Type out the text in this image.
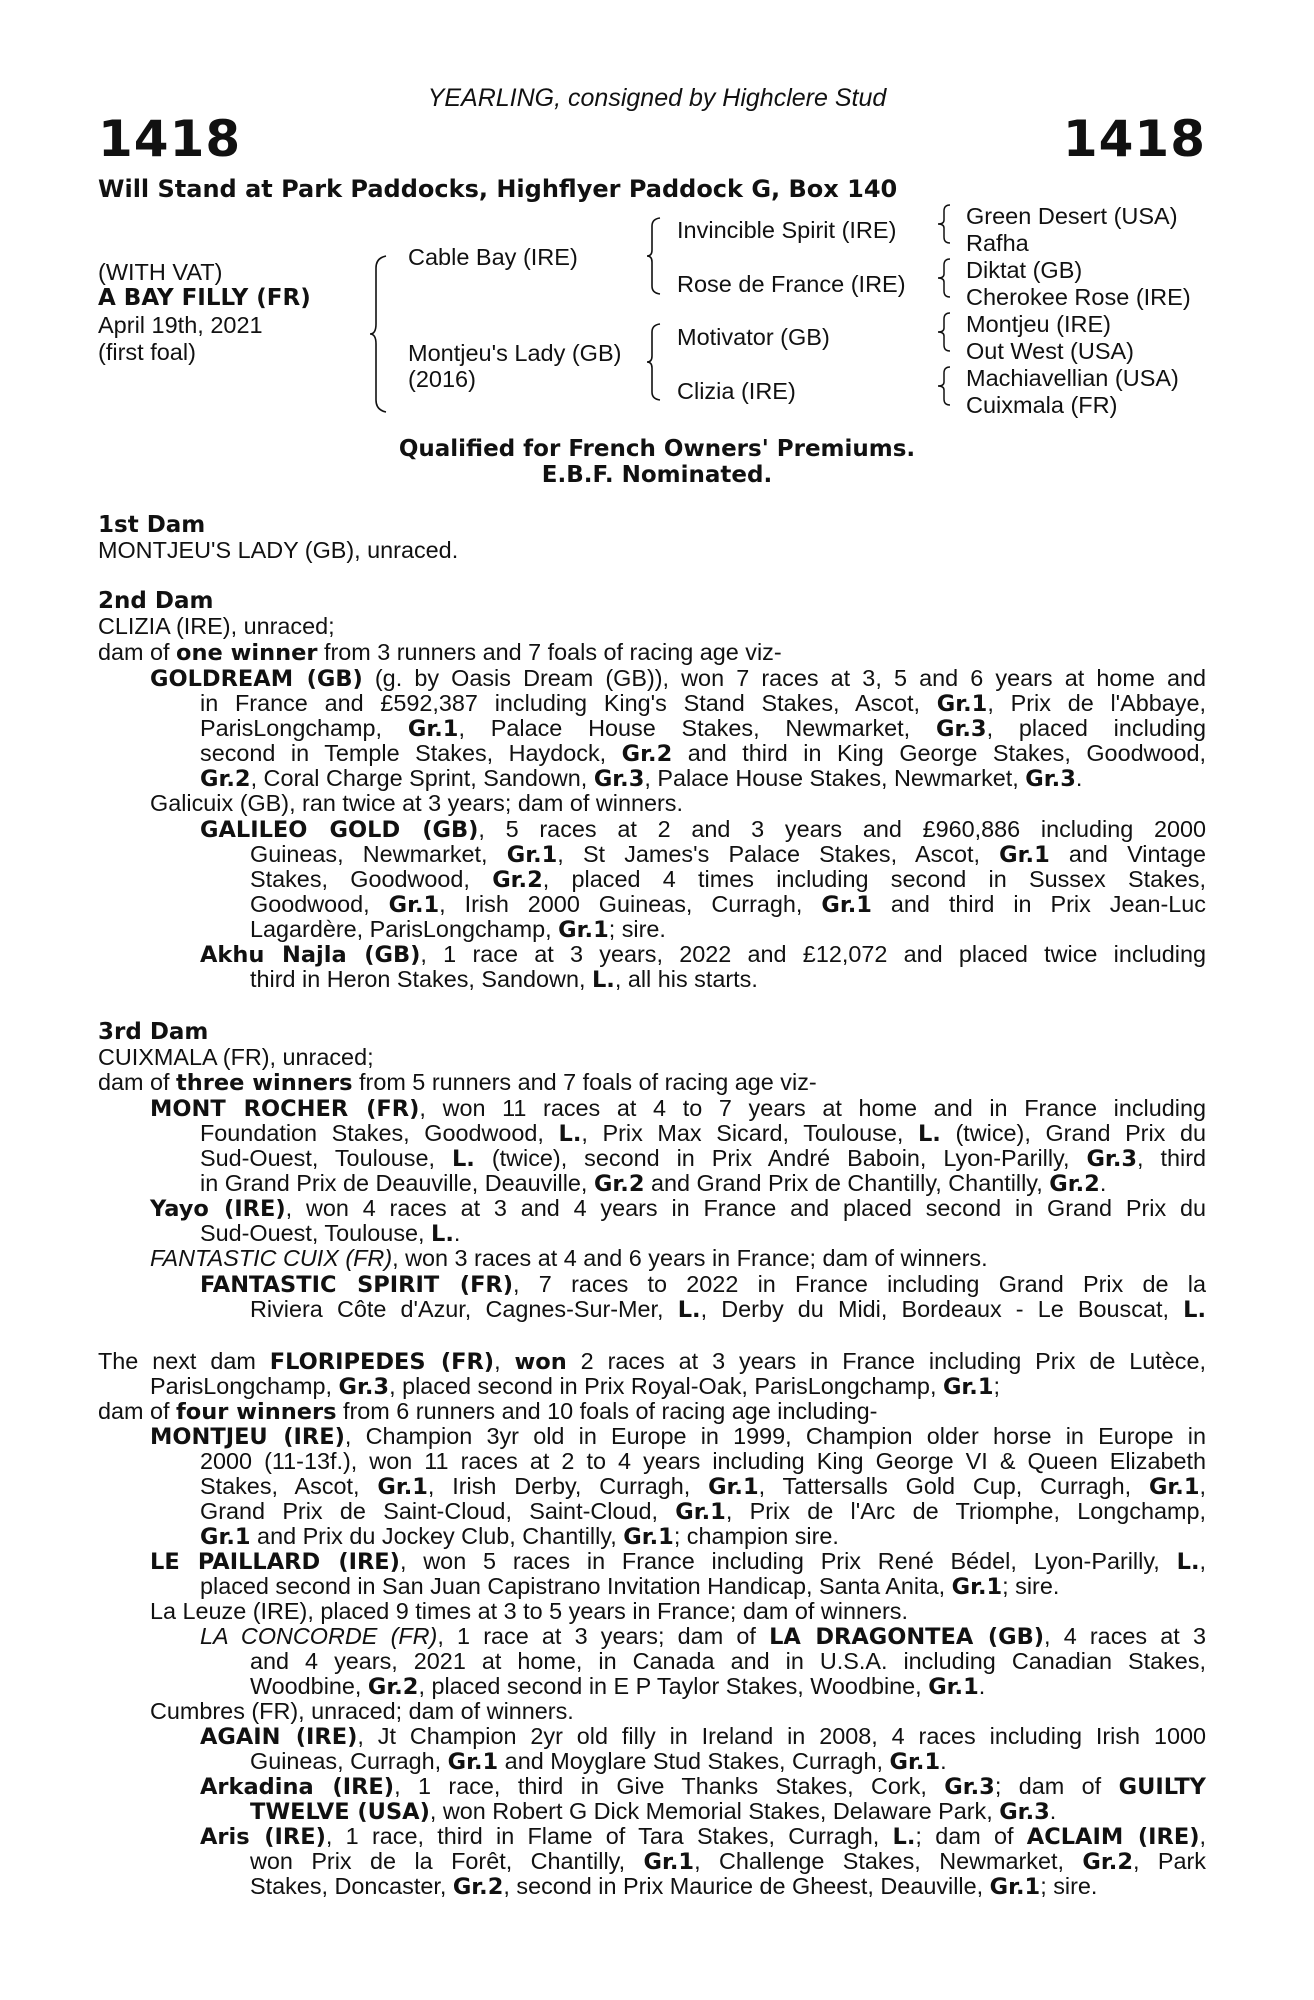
YEARLING, consigned by Highclere Stud
1418	1418
Will Stand at Park Paddocks, Highflyer Paddock G, Box 140
(WITH VAT)
A BAY FILLY (FR)
April 19th, 2021
(first foal)
Cable Bay (IRE)
Montjeu's Lady (GB)
(2016)
Invincible Spirit (IRE)
Rose de France (IRE)
Motivator (GB)
Clizia (IRE)
Green Desert (USA)
Rafha
Diktat (GB)
Cherokee Rose (IRE)
Montjeu (IRE)
Out West (USA)
Machiavellian (USA)
Cuixmala (FR)
Qualified for French Owners' Premiums.
E.B.F. Nominated.
1st Dam
MONTJEU'S LADY (GB), unraced.
2nd Dam
CLIZIA (IRE), unraced;
dam of one winner from 3 runners and 7 foals of racing age viz-
GOLDREAM (GB) (g. by Oasis Dream (GB)), won 7 races at 3, 5 and 6 years at home and
in France and £592,387 including King's Stand Stakes, Ascot, Gr.1, Prix de l'Abbaye,
ParisLongchamp, Gr.1, Palace House Stakes, Newmarket, Gr.3, placed including
second in Temple Stakes, Haydock, Gr.2 and third in King George Stakes, Goodwood,
Gr.2, Coral Charge Sprint, Sandown, Gr.3, Palace House Stakes, Newmarket, Gr.3.
Galicuix (GB), ran twice at 3 years; dam of winners.
GALILEO GOLD (GB), 5 races at 2 and 3 years and £960,886 including 2000
Guineas, Newmarket, Gr.1, St James's Palace Stakes, Ascot, Gr.1 and Vintage
Stakes, Goodwood, Gr.2, placed 4 times including second in Sussex Stakes,
Goodwood, Gr.1, Irish 2000 Guineas, Curragh, Gr.1 and third in Prix Jean-Luc
Lagardère, ParisLongchamp, Gr.1; sire.
Akhu Najla (GB), 1 race at 3 years, 2022 and £12,072 and placed twice including
third in Heron Stakes, Sandown, L., all his starts.
3rd Dam
CUIXMALA (FR), unraced;
dam of three winners from 5 runners and 7 foals of racing age viz-
MONT ROCHER (FR), won 11 races at 4 to 7 years at home and in France including
Foundation Stakes, Goodwood, L., Prix Max Sicard, Toulouse, L. (twice), Grand Prix du
Sud-Ouest, Toulouse, L. (twice), second in Prix André Baboin, Lyon-Parilly, Gr.3, third
in Grand Prix de Deauville, Deauville, Gr.2 and Grand Prix de Chantilly, Chantilly, Gr.2.
Yayo (IRE), won 4 races at 3 and 4 years in France and placed second in Grand Prix du
Sud-Ouest, Toulouse, L..
FANTASTIC CUIX (FR), won 3 races at 4 and 6 years in France; dam of winners.
FANTASTIC SPIRIT (FR), 7 races to 2022 in France including Grand Prix de la
Riviera Côte d'Azur, Cagnes-Sur-Mer, L., Derby du Midi, Bordeaux - Le Bouscat, L.
The next dam FLORIPEDES (FR), won 2 races at 3 years in France including Prix de Lutèce,
ParisLongchamp, Gr.3, placed second in Prix Royal-Oak, ParisLongchamp, Gr.1;
dam of four winners from 6 runners and 10 foals of racing age including-
MONTJEU (IRE), Champion 3yr old in Europe in 1999, Champion older horse in Europe in
2000 (11-13f.), won 11 races at 2 to 4 years including King George VI & Queen Elizabeth
Stakes, Ascot, Gr.1, Irish Derby, Curragh, Gr.1, Tattersalls Gold Cup, Curragh, Gr.1,
Grand Prix de Saint-Cloud, Saint-Cloud, Gr.1, Prix de l'Arc de Triomphe, Longchamp,
Gr.1 and Prix du Jockey Club, Chantilly, Gr.1; champion sire.
LE PAILLARD (IRE), won 5 races in France including Prix René Bédel, Lyon-Parilly, L.,
placed second in San Juan Capistrano Invitation Handicap, Santa Anita, Gr.1; sire.
La Leuze (IRE), placed 9 times at 3 to 5 years in France; dam of winners.
LA CONCORDE (FR), 1 race at 3 years; dam of LA DRAGONTEA (GB), 4 races at 3
and 4 years, 2021 at home, in Canada and in U.S.A. including Canadian Stakes,
Woodbine, Gr.2, placed second in E P Taylor Stakes, Woodbine, Gr.1.
Cumbres (FR), unraced; dam of winners.
AGAIN (IRE), Jt Champion 2yr old filly in Ireland in 2008, 4 races including Irish 1000
Guineas, Curragh, Gr.1 and Moyglare Stud Stakes, Curragh, Gr.1.
Arkadina (IRE), 1 race, third in Give Thanks Stakes, Cork, Gr.3; dam of GUILTY
TWELVE (USA), won Robert G Dick Memorial Stakes, Delaware Park, Gr.3.
Aris (IRE), 1 race, third in Flame of Tara Stakes, Curragh, L.; dam of ACLAIM (IRE),
won Prix de la Forêt, Chantilly, Gr.1, Challenge Stakes, Newmarket, Gr.2, Park
Stakes, Doncaster, Gr.2, second in Prix Maurice de Gheest, Deauville, Gr.1; sire.
